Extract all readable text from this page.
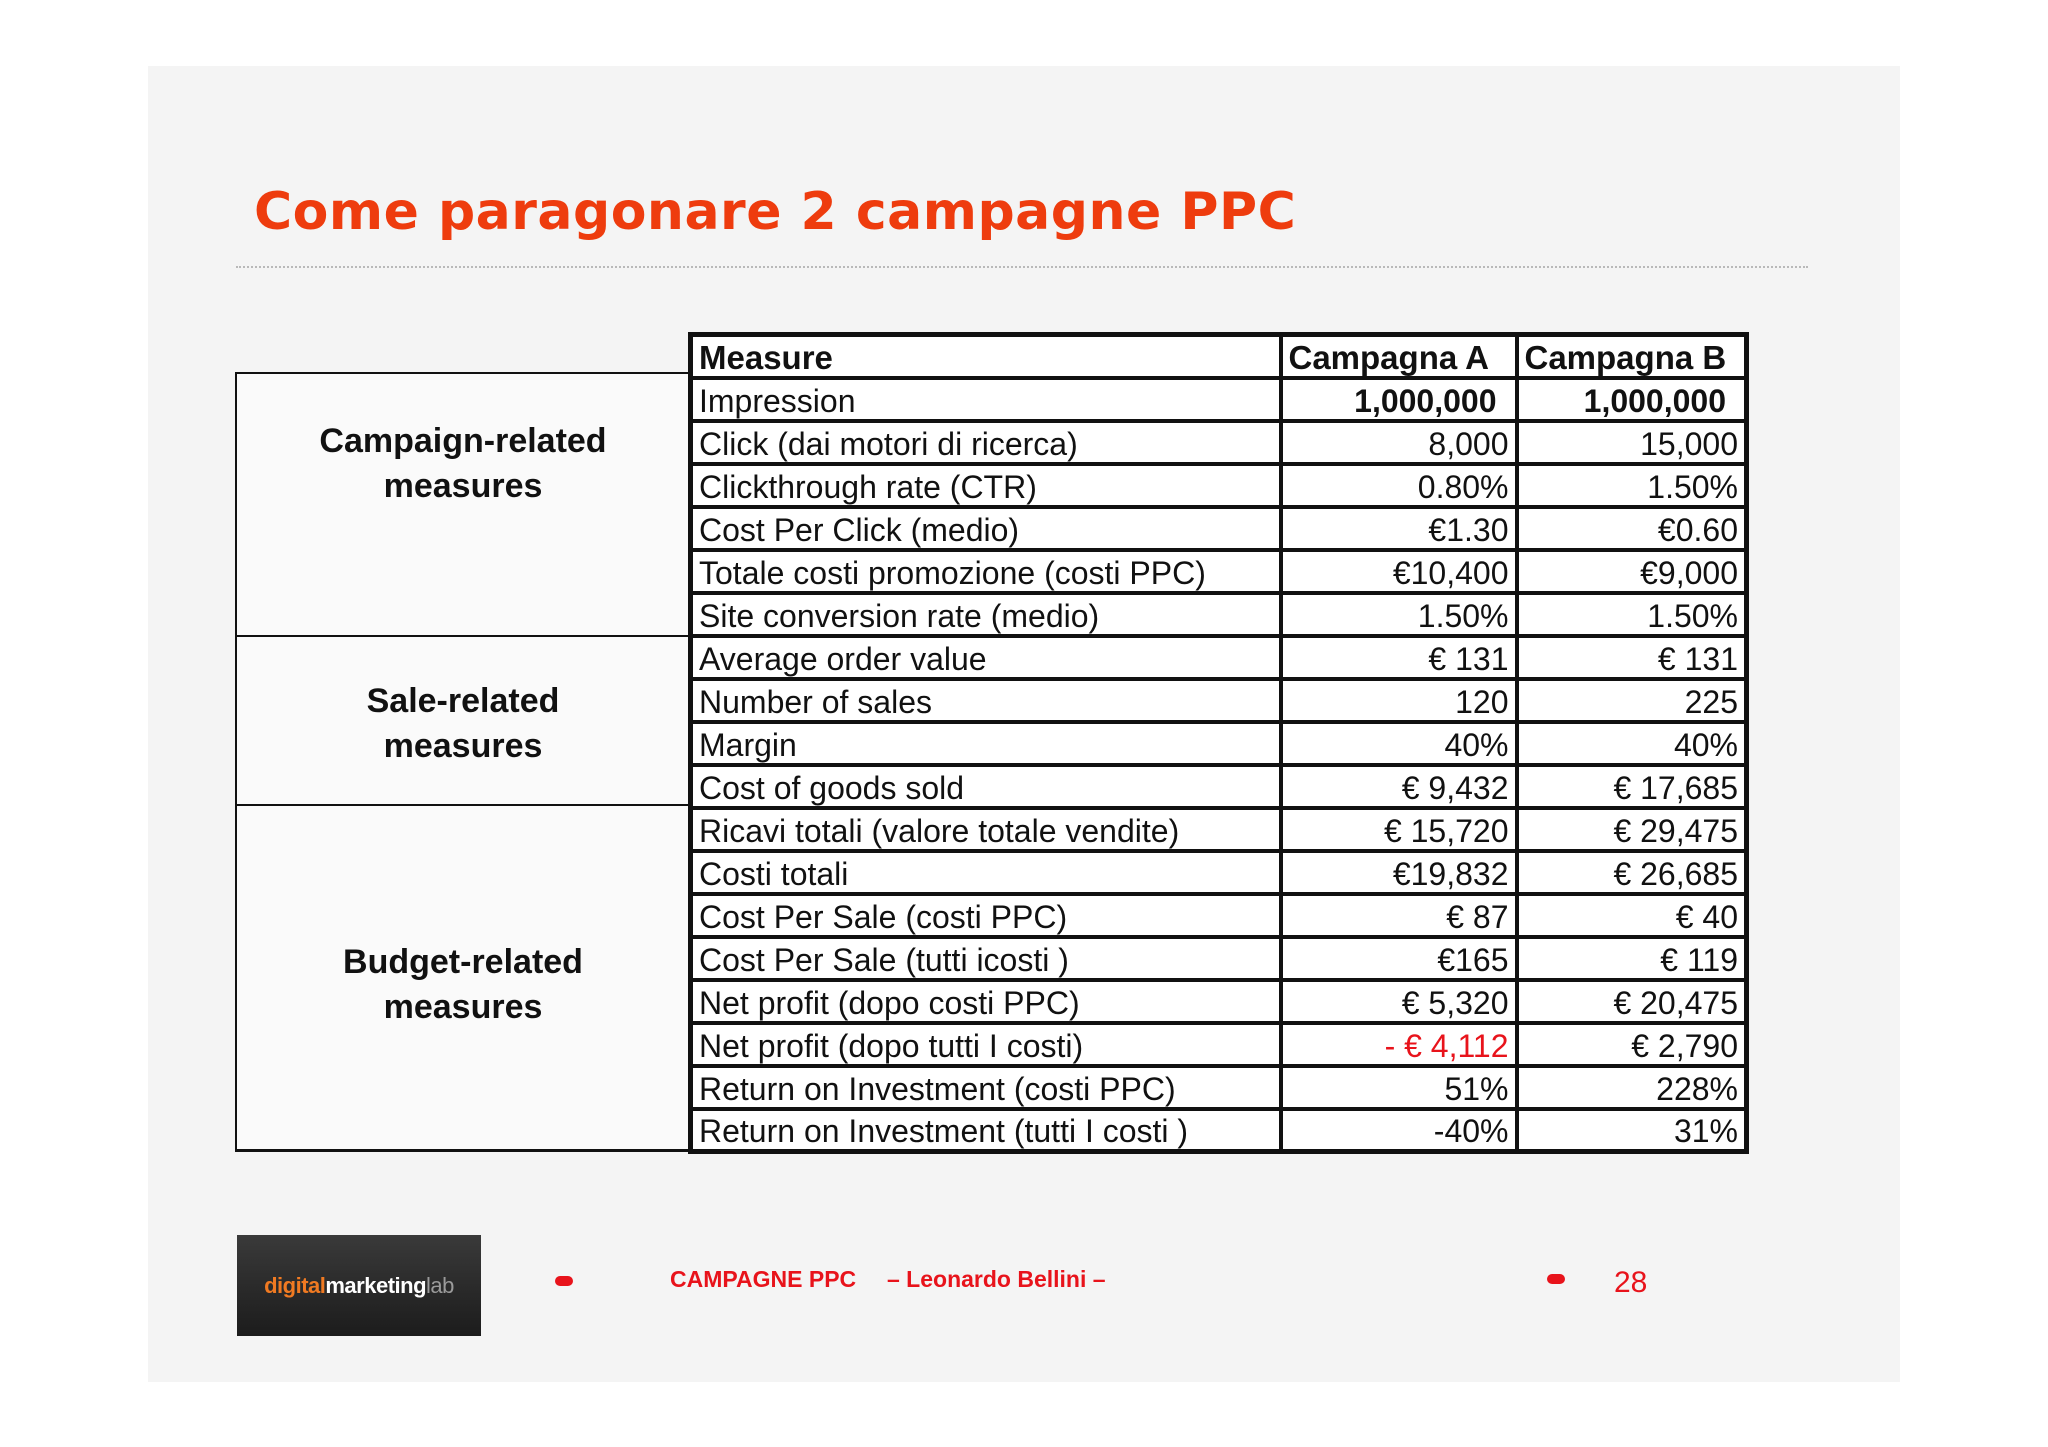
Come paragonare 2 campagne PPC
Campaign-related
measures
Sale-related
measures
Budget-related
measures
Measure	Campagna A	Campagna B
Impression	1,000,000	1,000,000
Click (dai motori di ricerca)	8,000	15,000
Clickthrough rate (CTR)	0.80%	1.50%
Cost Per Click (medio)	€1.30	€0.60
Totale costi promozione (costi PPC)	€10,400	€9,000
Site conversion rate (medio)	1.50%	1.50%
Average order value	€ 131	€ 131
Number of sales	120	225
Margin	40%	40%
Cost of goods sold	€ 9,432	€ 17,685
Ricavi totali (valore totale vendite)	€ 15,720	€ 29,475
Costi totali	€19,832	€ 26,685
Cost Per Sale (costi PPC)	€ 87	€ 40
Cost Per Sale (tutti icosti )	€165	€ 119
Net profit (dopo costi PPC)	€ 5,320	€ 20,475
Net profit (dopo tutti I costi)	- € 4,112	€ 2,790
Return on Investment (costi PPC)	51%	228%
Return on Investment (tutti I costi )	-40%	31%
digitalmarketinglab	CAMPAGNE PPC – Leonardo Bellini –	28
